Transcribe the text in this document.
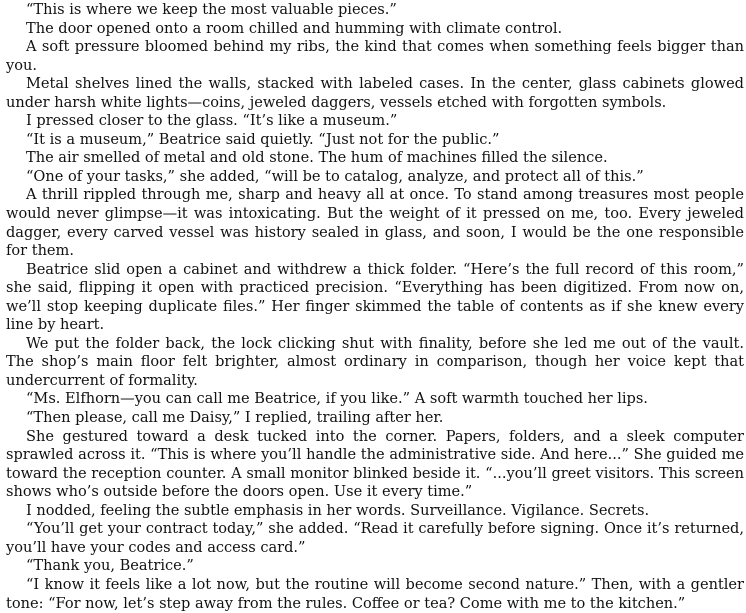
“This is where we keep the most valuable pieces.”

The door opened onto a room chilled and humming with climate control.

A soft pressure bloomed behind my ribs, the kind that comes when something feels bigger than you.

Metal shelves lined the walls, stacked with labeled cases. In the center, glass cabinets glowed under harsh white lights—coins, jeweled daggers, vessels etched with forgotten symbols.

I pressed closer to the glass. “It’s like a museum.”

“It is a museum,” Beatrice said quietly. “Just not for the public.”

The air smelled of metal and old stone. The hum of machines filled the silence.

“One of your tasks,” she added, “will be to catalog, analyze, and protect all of this.”

A thrill rippled through me, sharp and heavy all at once. To stand among treasures most people would never glimpse—it was intoxicating. But the weight of it pressed on me, too. Every jeweled dagger, every carved vessel was history sealed in glass, and soon, I would be the one responsible for them.

Beatrice slid open a cabinet and withdrew a thick folder. “Here’s the full record of this room,” she said, flipping it open with practiced precision. “Everything has been digitized. From now on, we’ll stop keeping duplicate files.” Her finger skimmed the table of contents as if she knew every line by heart.

We put the folder back, the lock clicking shut with finality, before she led me out of the vault. The shop’s main floor felt brighter, almost ordinary in comparison, though her voice kept that undercurrent of formality.

“Ms. Elfhorn—you can call me Beatrice, if you like.” A soft warmth touched her lips.

“Then please, call me Daisy,” I replied, trailing after her.

She gestured toward a desk tucked into the corner. Papers, folders, and a sleek computer sprawled across it. “This is where you’ll handle the administrative side. And here...” She guided me toward the reception counter. A small monitor blinked beside it. “...you’ll greet visitors. This screen shows who’s outside before the doors open. Use it every time.”

I nodded, feeling the subtle emphasis in her words. Surveillance. Vigilance. Secrets.

“You’ll get your contract today,” she added. “Read it carefully before signing. Once it’s returned, you’ll have your codes and access card.”

“Thank you, Beatrice.”

“I know it feels like a lot now, but the routine will become second nature.” Then, with a gentler tone: “For now, let’s step away from the rules. Coffee or tea? Come with me to the kitchen.”
